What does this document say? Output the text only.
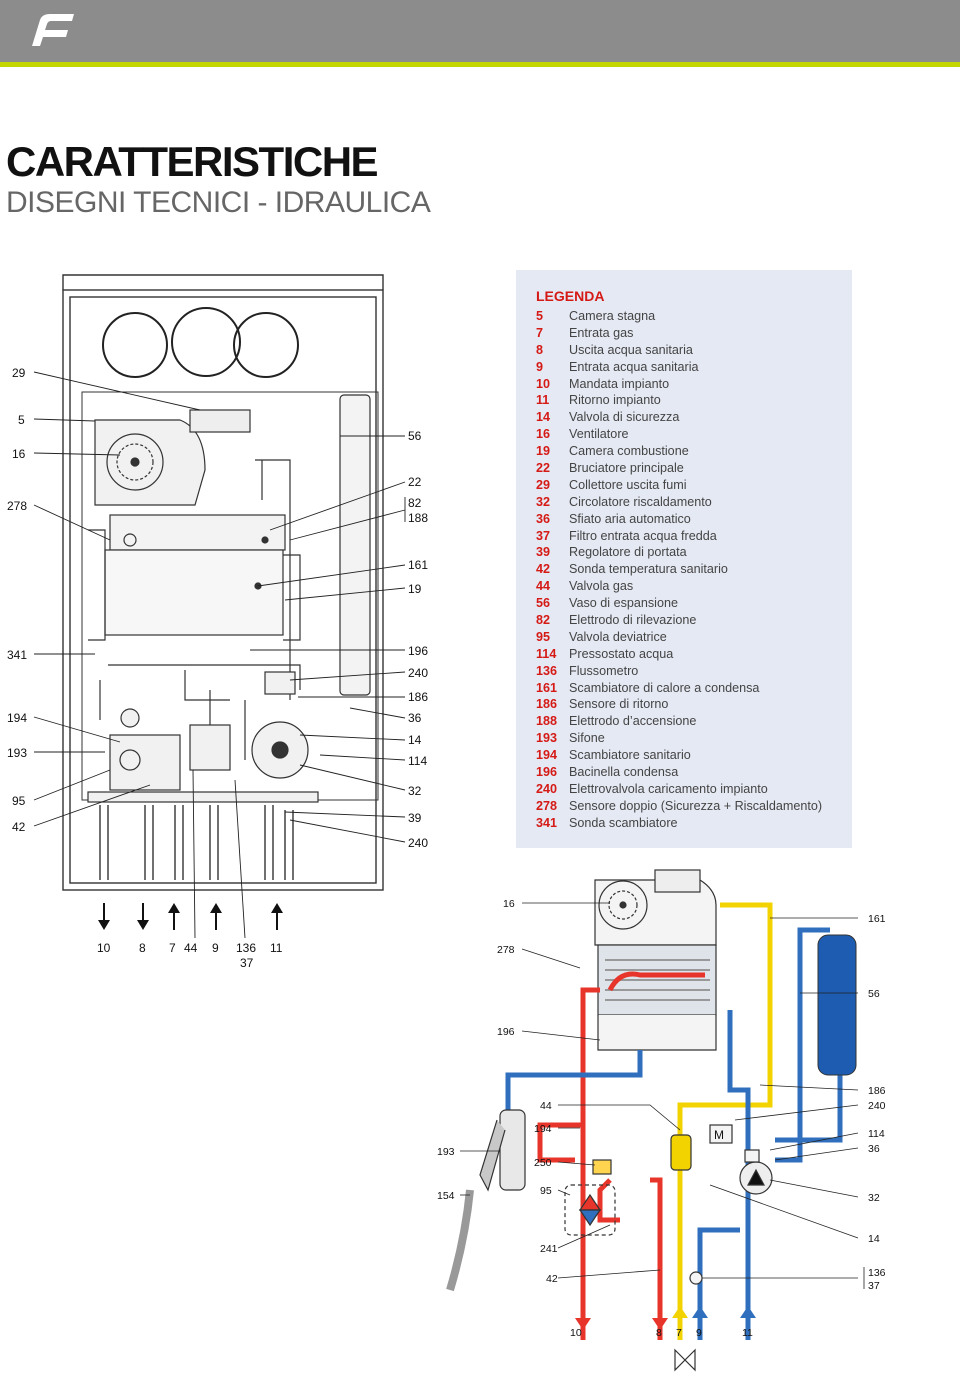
CARATTERISTICHE
DISEGNI TECNICI - IDRAULICA
29
5
16
278
341
194
193
95
42
56
22
82
188
161
19
196
240
186
36
14
114
32
39
240
10 8 7 44 9 136
37
11
LEGENDA
5 Camera stagna
7 Entrata gas
8 Uscita acqua sanitaria
9 Entrata acqua sanitaria
10 Mandata impianto
11 Ritorno impianto
14 Valvola di sicurezza
16 Ventilatore
19 Camera combustione
22 Bruciatore principale
29 Collettore uscita fumi
32 Circolatore riscaldamento
36 Sfiato aria automatico
37 Filtro entrata acqua fredda
39 Regolatore di portata
42 Sonda temperatura sanitario
44 Valvola gas
56 Vaso di espansione
82 Elettrodo di rilevazione
95 Valvola deviatrice
114 Pressostato acqua
136 Flussometro
161 Scambiatore di calore a condensa
186 Sensore di ritorno
188 Elettrodo d’accensione
193 Sifone
194 Scambiatore sanitario
196 Bacinella condensa
240 Elettrovalvola caricamento impianto
278 Sensore doppio (Sicurezza + Riscaldamento)
341 Sonda scambiatore
M
16
161
278
56
196
186
240
44
114
194
36
193
250
154	95
32
241
14
42	136
37
10	8 7 9	11
